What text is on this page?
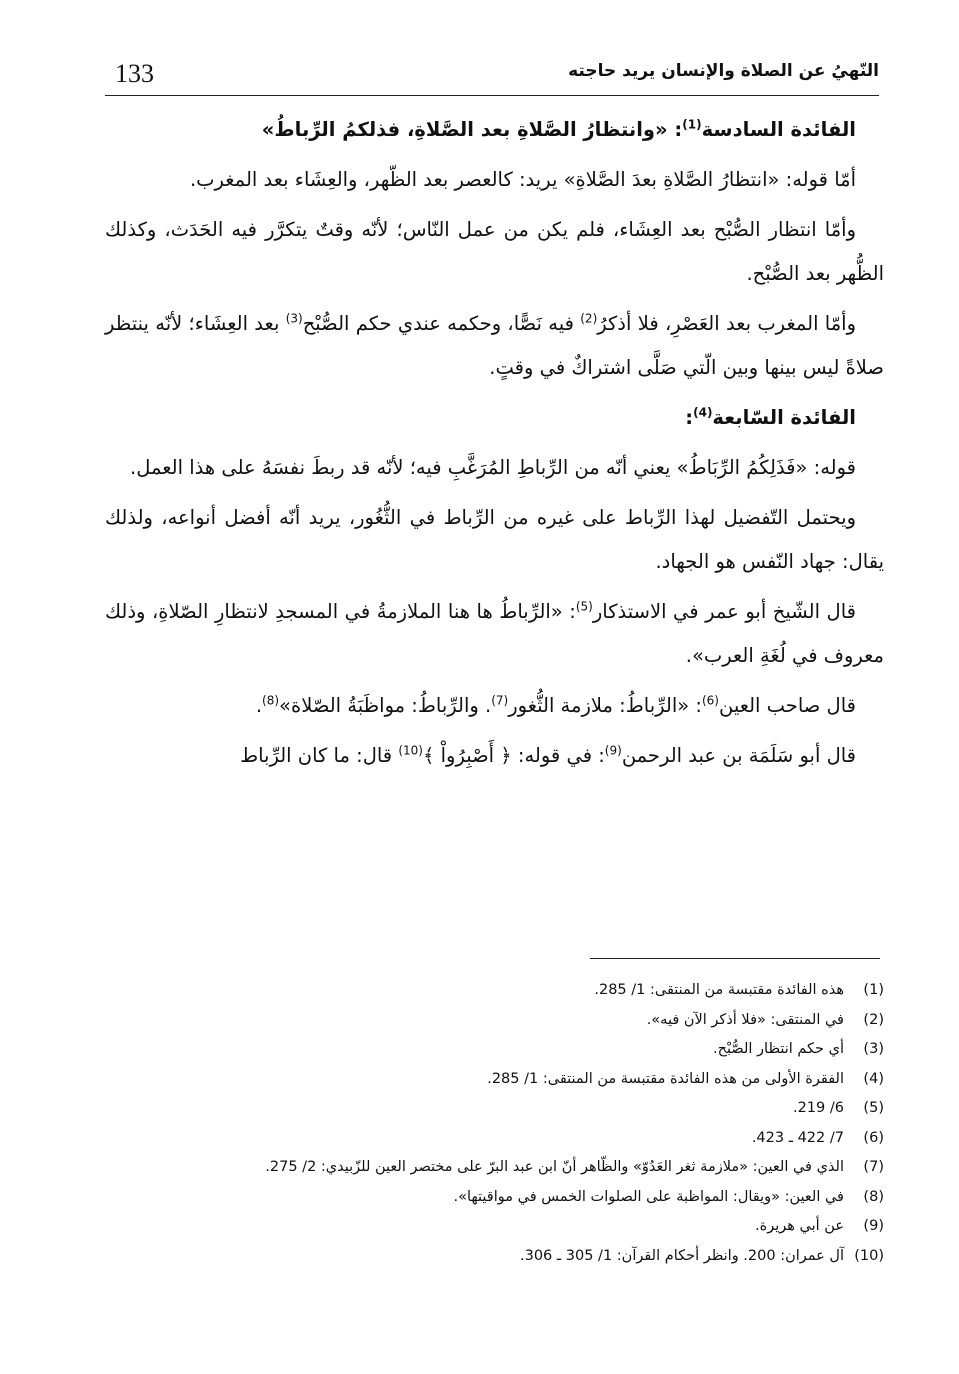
133	النّهيُ عن الصلاة والإنسان يريد حاجته

الفائدة السادسة$^{(1)}$: «وانتظارُ الصَّلاةِ بعد الصَّلاةِ، فذلكمُ الرِّباطُ»

أمّا قوله: «انتظارُ الصَّلاةِ بعدَ الصَّلاةِ» يريد: كالعصر بعد الظّهر، والعِشَاء بعد المغرب.

وأمّا انتظار الصُّبْح بعد العِشَاء، فلم يكن من عمل النّاس؛ لأنّه وقتٌ يتكرَّر فيه الحَدَث، وكذلك الظُّهر بعد الصُّبْح.

وأمّا المغرب بعد العَصْرِ، فلا أذكرُ$^{(2)}$ فيه نَصًّا، وحكمه عندي حكم الصُّبْح$^{(3)}$ بعد العِشَاء؛ لأنّه ينتظر صلاةً ليس بينها وبين الّتي صَلَّى اشتراكٌ في وقتٍ.

الفائدة السّابعة$^{(4)}$:

قوله: «فَذَلِكُمُ الرِّبَاطُ» يعني أنّه من الرِّباطِ المُرَغَّبِ فيه؛ لأنّه قد ربطَ نفسَهُ على هذا العمل.

ويحتمل التّفضيل لهذا الرِّباط على غيره من الرِّباط في الثُّغُور، يريد أنّه أفضل أنواعه، ولذلك يقال: جهاد النّفس هو الجهاد.

قال الشّيخ أبو عمر في الاستذكار$^{(5)}$: «الرِّباطُ ها هنا الملازمةُ في المسجدِ لانتظارِ الصّلاةِ، وذلك معروف في لُغَةِ العرب».

قال صاحب العين$^{(6)}$: «الرِّباطُ: ملازمة الثُّغور$^{(7)}$. والرِّباطُ: مواظَبَةُ الصّلاة»$^{(8)}$.

قال أبو سَلَمَة بن عبد الرحمن$^{(9)}$: في قوله: ﴿ أَصْبِرُواْ ﴾$^{(10)}$ قال: ما كان الرِّباط

(1)
هذه الفائدة مقتبسة من المنتقى: 1/ 285.
(2)
في المنتقى: «فلا أذكر الآن فيه».
(3)
أي حكم انتظار الصُّبْح.
(4)
الفقرة الأولى من هذه الفائدة مقتبسة من المنتقى: 1/ 285.
(5)
6/ 219.
(6)
7/ 422 ـ 423.
(7)
الذي في العين: «ملازمة ثغر العَدُوّ» والظّاهر أنّ ابن عبد البرّ على مختصر العين للزّبيدي: 2/ 275.
(8)
في العين: «ويقال: المواظبة على الصلوات الخمس في مواقيتها».
(9)
عن أبي هريرة.
(10)
آل عمران: 200. وانظر أحكام القرآن: 1/ 305 ـ 306.
